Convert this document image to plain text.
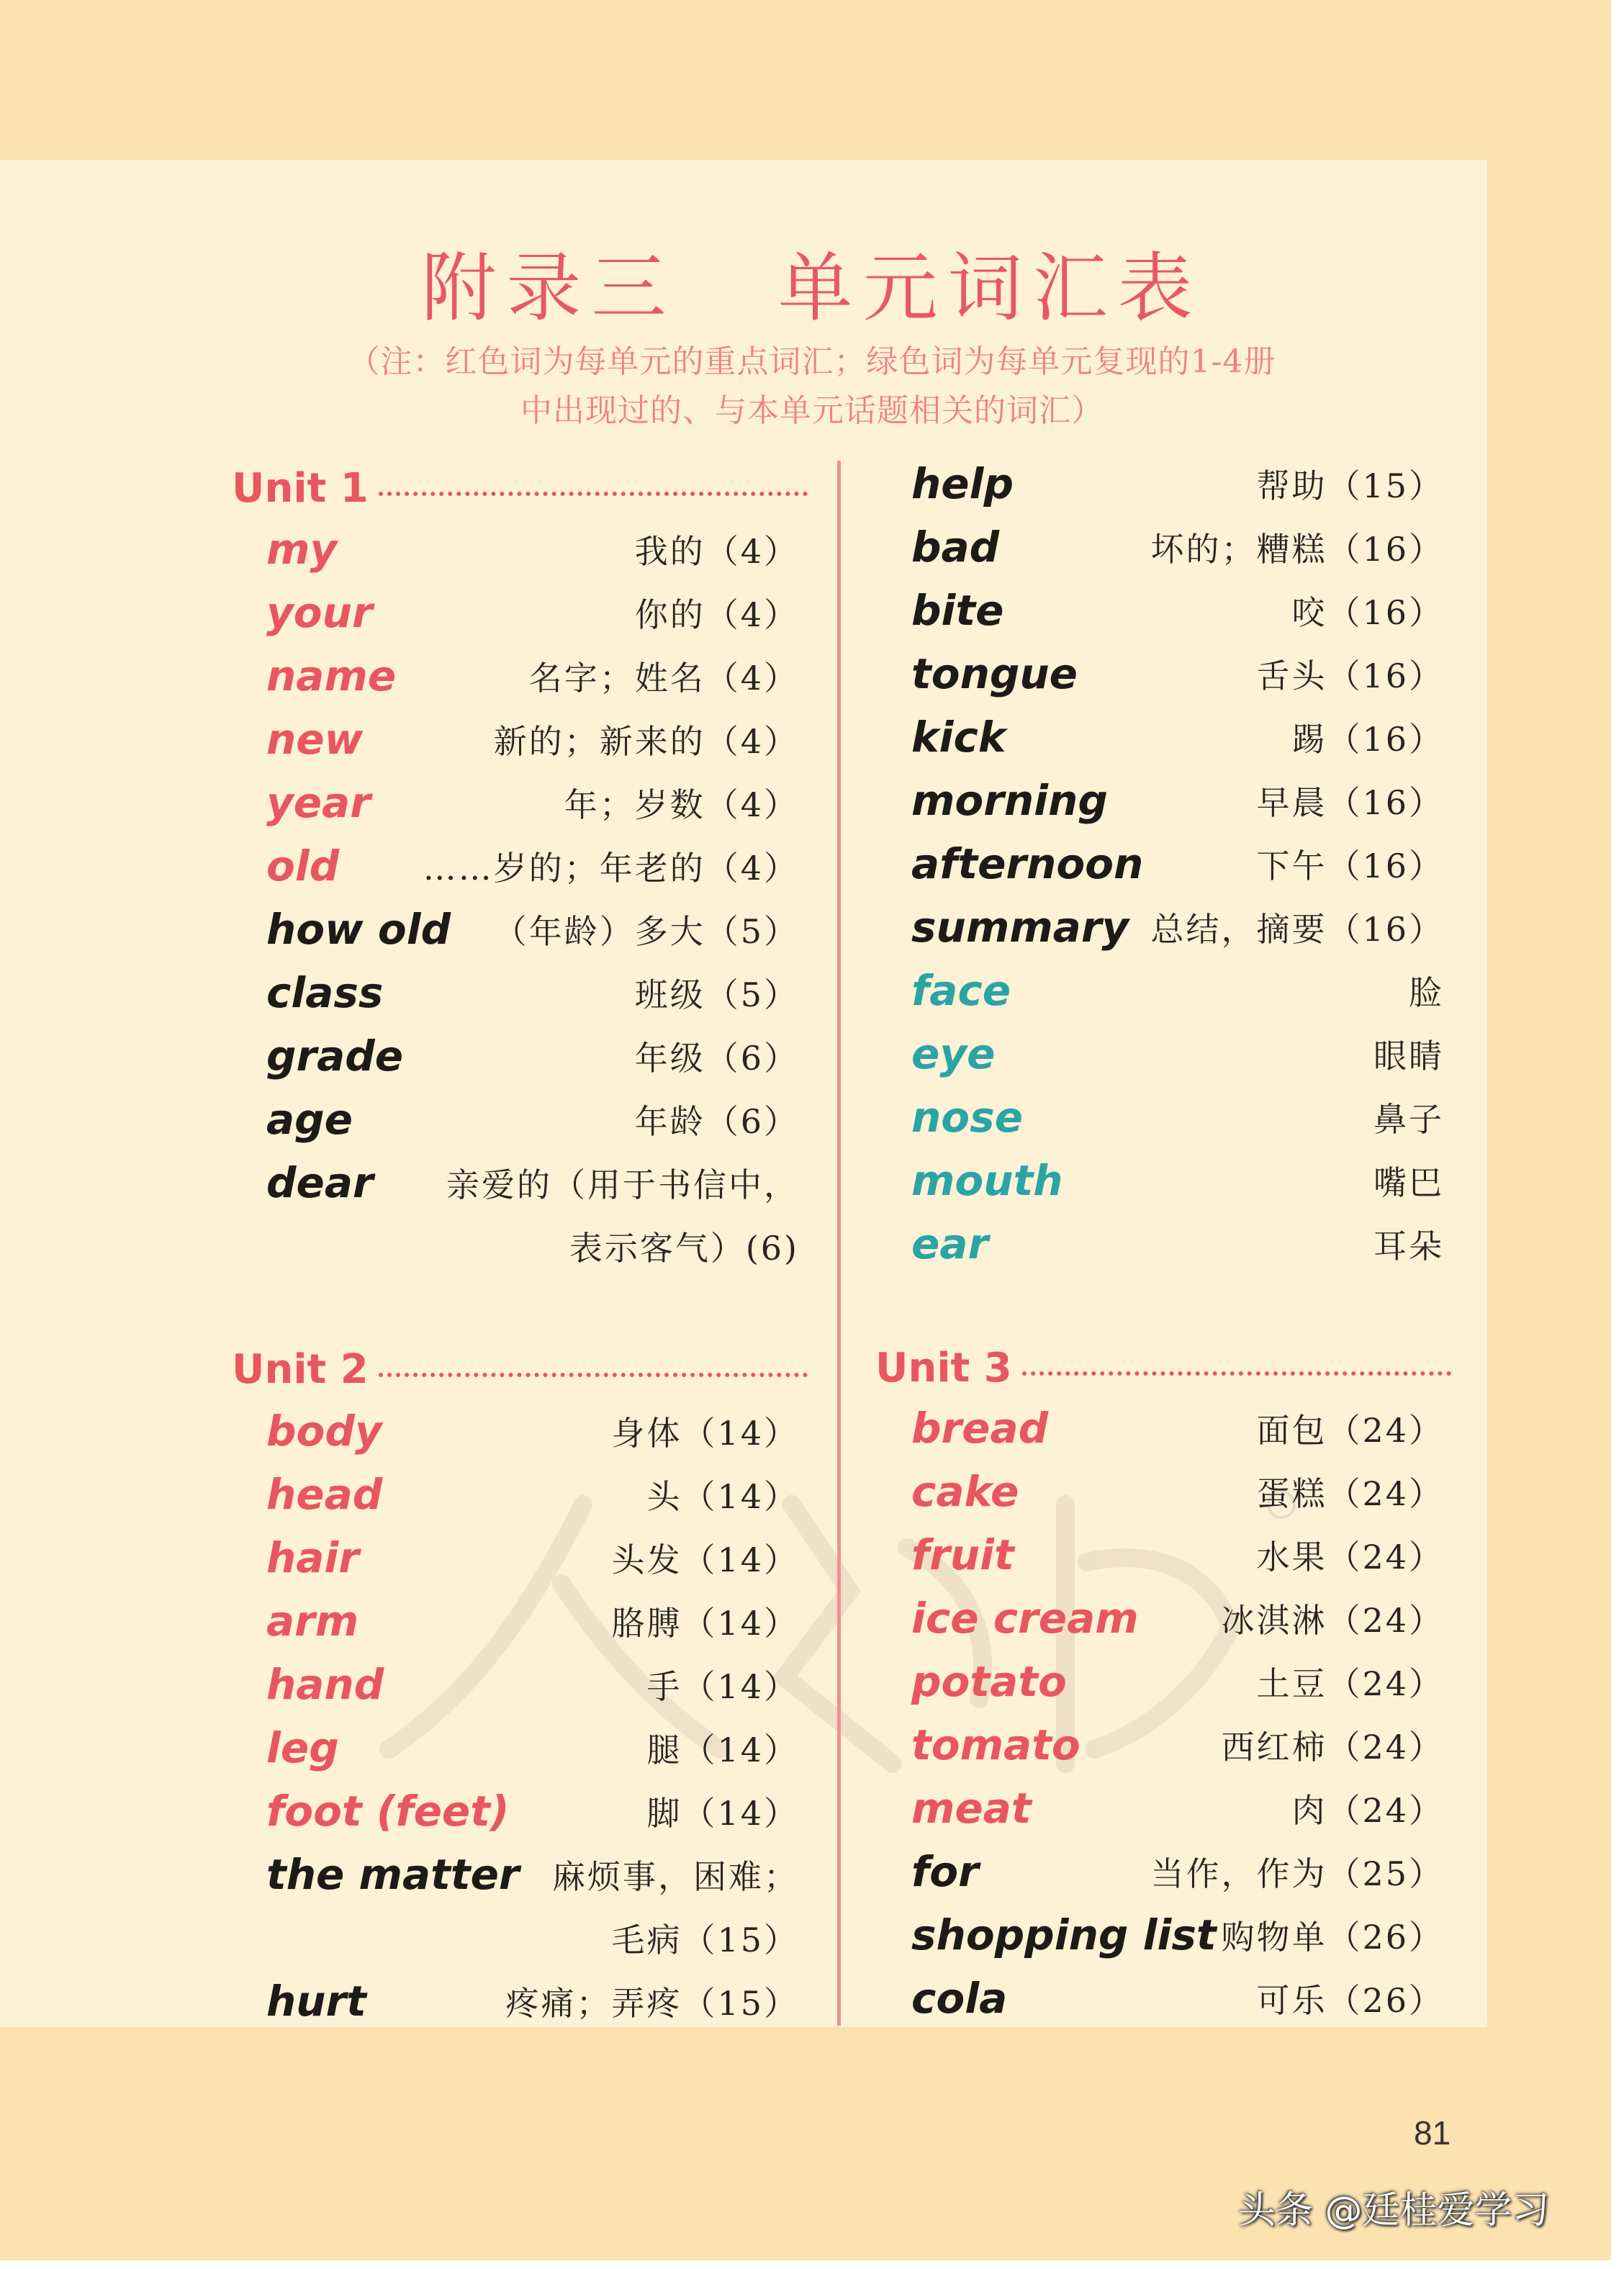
附录三   单元词汇表
（注：红色词为每单元的重点词汇；绿色词为每单元复现的1-4册
中出现过的、与本单元话题相关的词汇）
Unit 1
my	我的（4）
your	你的（4）
name	名字；姓名（4）
new	新的；新来的（4）
year	年；岁数（4）
old	……岁的；年老的（4）
how old （年龄）多大（5）
class	班级（5）
grade	年级（6）
age	年龄（6）
dear 亲爱的（用于书信中，
表示客气）(6)
help	帮助（15）
bad	坏的；糟糕（16）
bite	咬（16）
tongue	舌头（16）
kick	踢（16）
morning	早晨（16）
afternoon	下午（16）
summary 总结，摘要（16）
face	脸
eye	眼睛
nose	鼻子
mouth	嘴巴
ear	耳朵
Unit 2
body	身体（14）
head	头（14）
hair	头发（14）
arm	胳膊（14）
hand	手（14）
leg	腿（14）
foot (feet)	脚（14）
the matter 麻烦事，困难；
毛病（15）
hurt	疼痛；弄疼（15）
Unit 3
bread	面包（24）
cake	蛋糕（24）
fruit	水果（24）
ice cream 冰淇淋（24）
potato	土豆（24）
tomato	西红柿（24）
meat	肉（24）
for	当作，作为（25）
shopping list 购物单（26）
cola	可乐（26）
81
头条 @廷桂爱学习
